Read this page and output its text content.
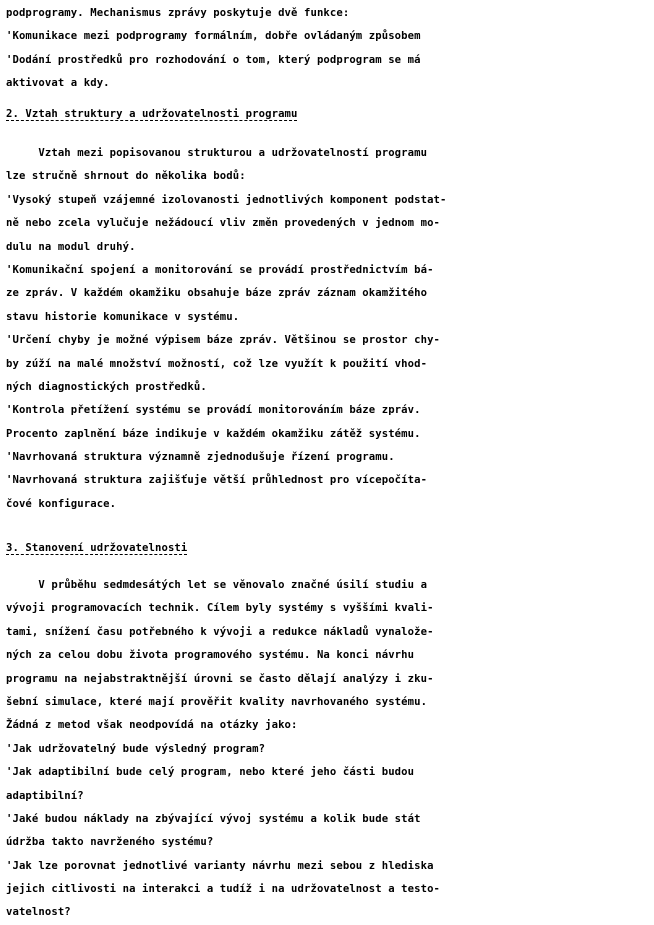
podprogramy. Mechanismus zprávy poskytuje dvě funkce:
'Komunikace mezi podprogramy formálním, dobře ovládaným způsobem
'Dodání prostředků pro rozhodování o tom, který podprogram se má
aktivovat a kdy.
2. Vztah struktury a udržovatelnosti programu
Vztah mezi popisovanou strukturou a udržovatelností programu
lze stručně shrnout do několika bodů:
'Vysoký stupeň vzájemné izolovanosti jednotlivých komponent podstat-
ně nebo zcela vylučuje nežádoucí vliv změn provedených v jednom mo-
dulu na modul druhý.
'Komunikační spojení a monitorování se provádí prostřednictvím bá-
ze zpráv. V každém okamžiku obsahuje báze zpráv záznam okamžitého
stavu historie komunikace v systému.
'Určení chyby je možné výpisem báze zpráv. Většinou se prostor chy-
by zúží na malé množství možností, což lze využít k použití vhod-
ných diagnostických prostředků.
'Kontrola přetížení systému se provádí monitorováním báze zpráv.
Procento zaplnění báze indikuje v každém okamžiku zátěž systému.
'Navrhovaná struktura významně zjednodušuje řízení programu.
'Navrhovaná struktura zajišťuje větší průhlednost pro vícepočíta-
čové konfigurace.
3. Stanovení udržovatelnosti
V průběhu sedmdesátých let se věnovalo značné úsilí studiu a
vývoji programovacích technik. Cílem byly systémy s vyššími kvali-
tami, snížení času potřebného k vývoji a redukce nákladů vynalože-
ných za celou dobu života programového systému. Na konci návrhu
programu na nejabstraktnější úrovni se často dělají analýzy i zku-
šební simulace, které mají prověřit kvality navrhovaného systému.
Žádná z metod však neodpovídá na otázky jako:
'Jak udržovatelný bude výsledný program?
'Jak adaptibilní bude celý program, nebo které jeho části budou
adaptibilní?
'Jaké budou náklady na zbývající vývoj systému a kolik bude stát
údržba takto navrženého systému?
'Jak lze porovnat jednotlivé varianty návrhu mezi sebou z hlediska
jejich citlivosti na interakci a tudíž i na udržovatelnost a testo-
vatelnost?
